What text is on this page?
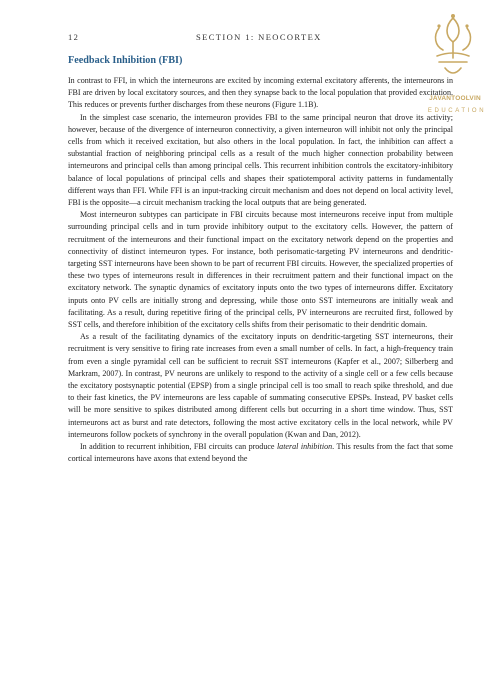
12	SECTION 1: NEOCORTEX
JAVANTOOLVIN
EDUCATION
Feedback Inhibition (FBI)

In contrast to FFI, in which the interneurons are excited by incoming external excitatory afferents, the interneurons in FBI are driven by local excitatory sources, and then they synapse back to the local population that provided excitation. This reduces or prevents further discharges from these neurons (Figure 1.1B).

In the simplest case scenario, the interneuron provides FBI to the same principal neuron that drove its activity; however, because of the divergence of interneuron connectivity, a given interneuron will inhibit not only the principal cells from which it received excitation, but also others in the local population. In fact, the inhibition can affect a substantial fraction of neighboring principal cells as a result of the much higher connection probability between interneurons and principal cells than among principal cells. This recurrent inhibition controls the excitatory-inhibitory balance of local populations of principal cells and shapes their spatiotemporal activity patterns in fundamentally different ways than FFI. While FFI is an input-tracking circuit mechanism and does not depend on local activity level, FBI is the opposite—a circuit mechanism tracking the local outputs that are being generated.

Most interneuron subtypes can participate in FBI circuits because most interneurons receive input from multiple surrounding principal cells and in turn provide inhibitory output to the excitatory cells. However, the pattern of recruitment of the interneurons and their functional impact on the excitatory network depend on the properties and connectivity of distinct interneuron types. For instance, both perisomatic-targeting PV interneurons and dendritic-targeting SST interneurons have been shown to be part of recurrent FBI circuits. However, the specialized properties of these two types of interneurons result in differences in their recruitment pattern and their functional impact on the excitatory network. The synaptic dynamics of excitatory inputs onto the two types of interneurons differ. Excitatory inputs onto PV cells are initially strong and depressing, while those onto SST interneurons are initially weak and facilitating. As a result, during repetitive firing of the principal cells, PV interneurons are recruited first, followed by SST cells, and therefore inhibition of the excitatory cells shifts from their perisomatic to their dendritic domain.

As a result of the facilitating dynamics of the excitatory inputs on dendritic-targeting SST interneurons, their recruitment is very sensitive to firing rate increases from even a small number of cells. In fact, a high-frequency train from even a single pyramidal cell can be sufficient to recruit SST interneurons (Kapfer et al., 2007; Silberberg and Markram, 2007). In contrast, PV neurons are unlikely to respond to the activity of a single cell or a few cells because the excitatory postsynaptic potential (EPSP) from a single principal cell is too small to reach spike threshold, and due to their fast kinetics, the PV interneurons are less capable of summating consecutive EPSPs. Instead, PV basket cells will be more sensitive to spikes distributed among different cells but occurring in a short time window. Thus, SST interneurons act as burst and rate detectors, following the most active excitatory cells in the local network, while PV interneurons follow pockets of synchrony in the overall population (Kwan and Dan, 2012).

In addition to recurrent inhibition, FBI circuits can produce lateral inhibition. This results from the fact that some cortical interneurons have axons that extend beyond the
